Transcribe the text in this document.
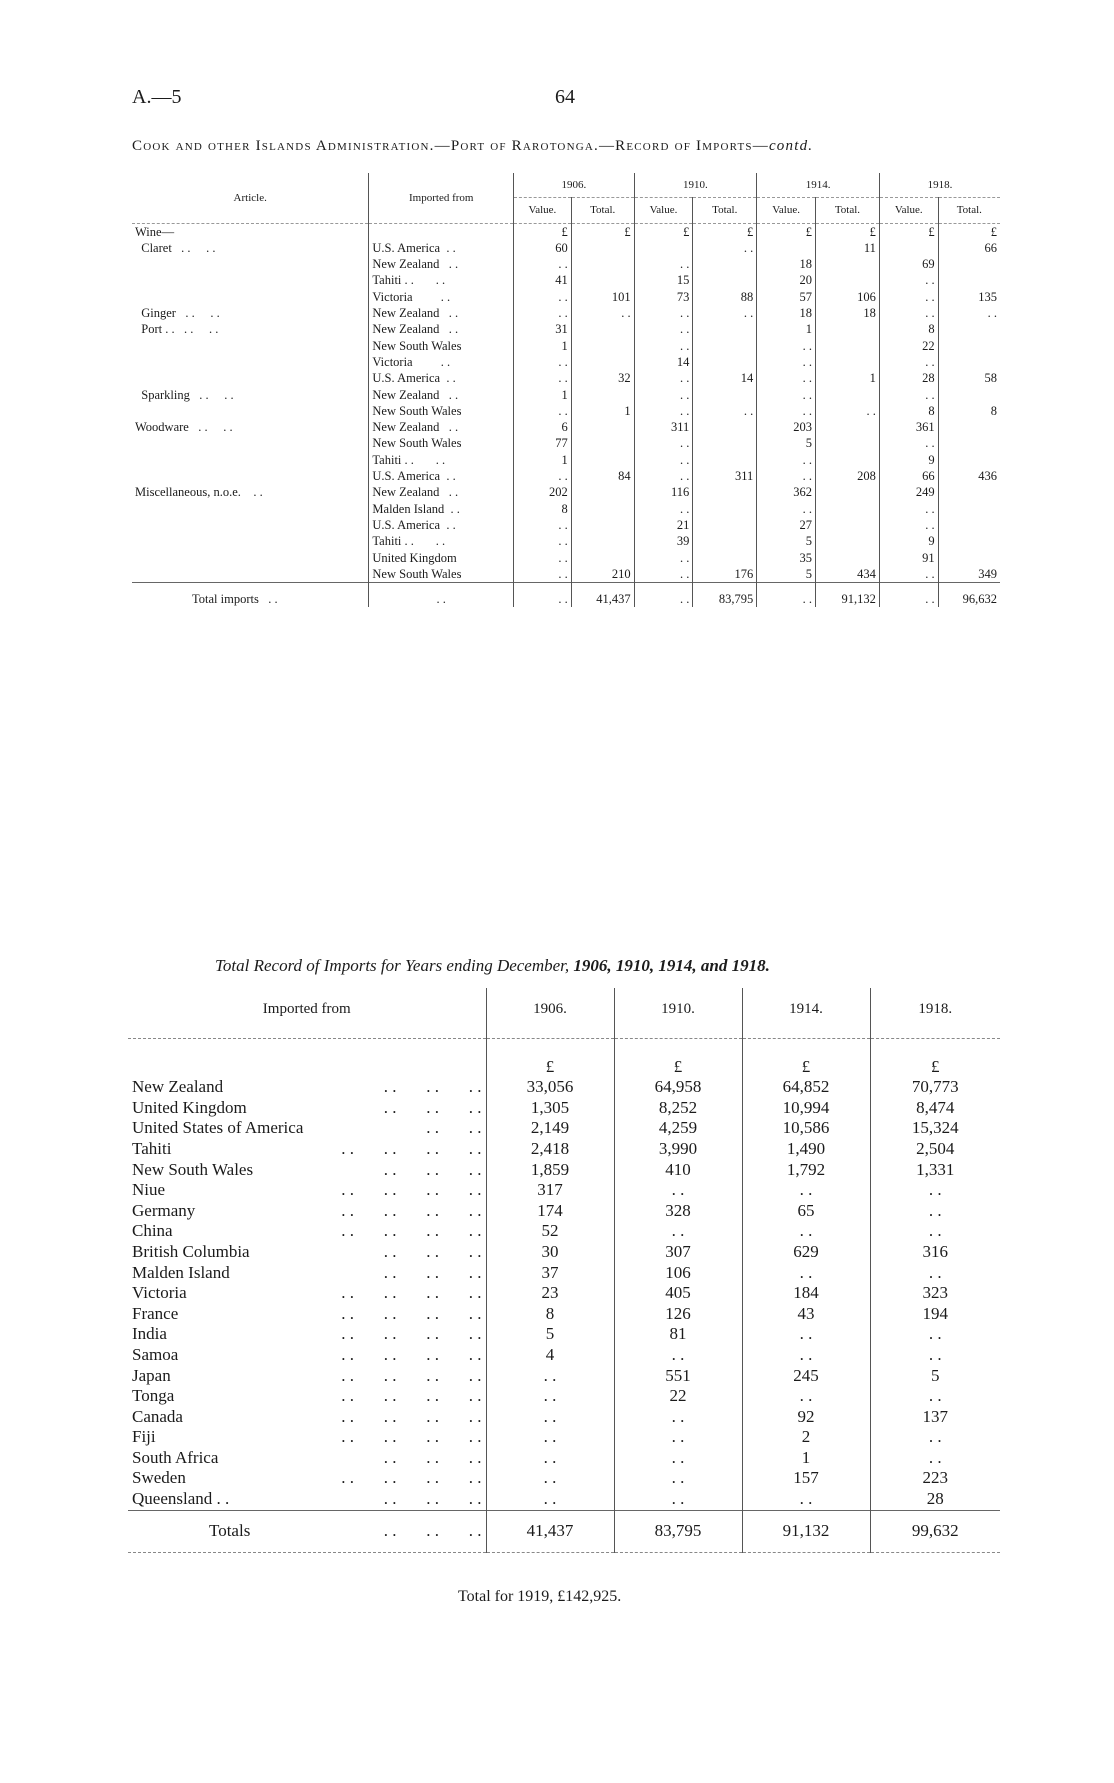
A.—5	64
Cook and other Islands Administration.—Port of Rarotonga.—Record of Imports—contd.
Article.	Imported from	1906.		1910.		1914.		1918.	
		Value.	Total.	Value.	Total.	Value.	Total.	Value.	Total.
Wine—		£	£	£	£	£	£	£	£
Claret   . .     . .	U.S. America  . .	60			. .		11		66
	New Zealand   . .	. .		. .		18		69	
	Tahiti . .       . .	41		15		20		. .	
	Victoria         . .	. .	101	73	88	57	106	. .	135
Ginger   . .     . .	New Zealand   . .	. .	. .	. .	. .	18	18	. .	. .
Port . .   . .     . .	New Zealand   . .	31		. .		1		8	
	New South Wales	1		. .		. .		22	
	Victoria         . .	. .		14		. .		. .	
	U.S. America  . .	. .	32	. .	14	. .	1	28	58
Sparkling   . .     . .	New Zealand   . .	1		. .		. .		. .	
	New South Wales	. .	1	. .	. .	. .	. .	8	8
Woodware   . .     . .	New Zealand   . .	6		311		203		361	
	New South Wales	77		. .		5		. .	
	Tahiti . .       . .	1		. .		. .		9	
	U.S. America  . .	. .	84	. .	311	. .	208	66	436
Miscellaneous, n.o.e.    . .	New Zealand   . .	202		116		362		249	
	Malden Island  . .	8		. .		. .		. .	
	U.S. America  . .	. .		21		27		. .	
	Tahiti . .       . .	. .		39		5		9	
	United Kingdom	. .		. .		35		91	
	New South Wales	. .	210	. .	176	5	434	. .	349
Total imports   . .	. .	. .	41,437	. .	83,795	. .	91,132	. .	96,632
Total Record of Imports for Years ending December, 1906, 1910, 1914, and 1918.
Imported from	1906.	1910.	1914.	1918.
	£	£	£	£

New Zealand	. .       . .       . .	33,056	64,958	64,852	70,773

United Kingdom	. .       . .       . .	1,305	8,252	10,994	8,474

United States of America	. .       . .	2,149	4,259	10,586	15,324

Tahiti	. .       . .       . .       . .	2,418	3,990	1,490	2,504

New South Wales	. .       . .       . .	1,859	410	1,792	1,331

Niue	. .       . .       . .       . .	317	. .	. .	. .

Germany	. .       . .       . .       . .	174	328	65	. .

China	. .       . .       . .       . .	52	. .	. .	. .

British Columbia	. .       . .       . .	30	307	629	316

Malden Island	. .       . .       . .	37	106	. .	. .

Victoria	. .       . .       . .       . .	23	405	184	323

France	. .       . .       . .       . .	8	126	43	194

India	. .       . .       . .       . .	5	81	. .	. .

Samoa	. .       . .       . .       . .	4	. .	. .	. .

Japan	. .       . .       . .       . .	. .	551	245	5

Tonga	. .       . .       . .       . .	. .	22	. .	. .

Canada	. .       . .       . .       . .	. .	. .	92	137

Fiji	. .       . .       . .       . .	. .	. .	2	. .

South Africa	. .       . .       . .	. .	. .	1	. .

Sweden	. .       . .       . .       . .	. .	. .	157	223

Queensland . .	. .       . .       . .	. .	. .	. .	28

Totals	. .       . .       . .	41,437	83,795	91,132	99,632
Total for 1919, £142,925.
